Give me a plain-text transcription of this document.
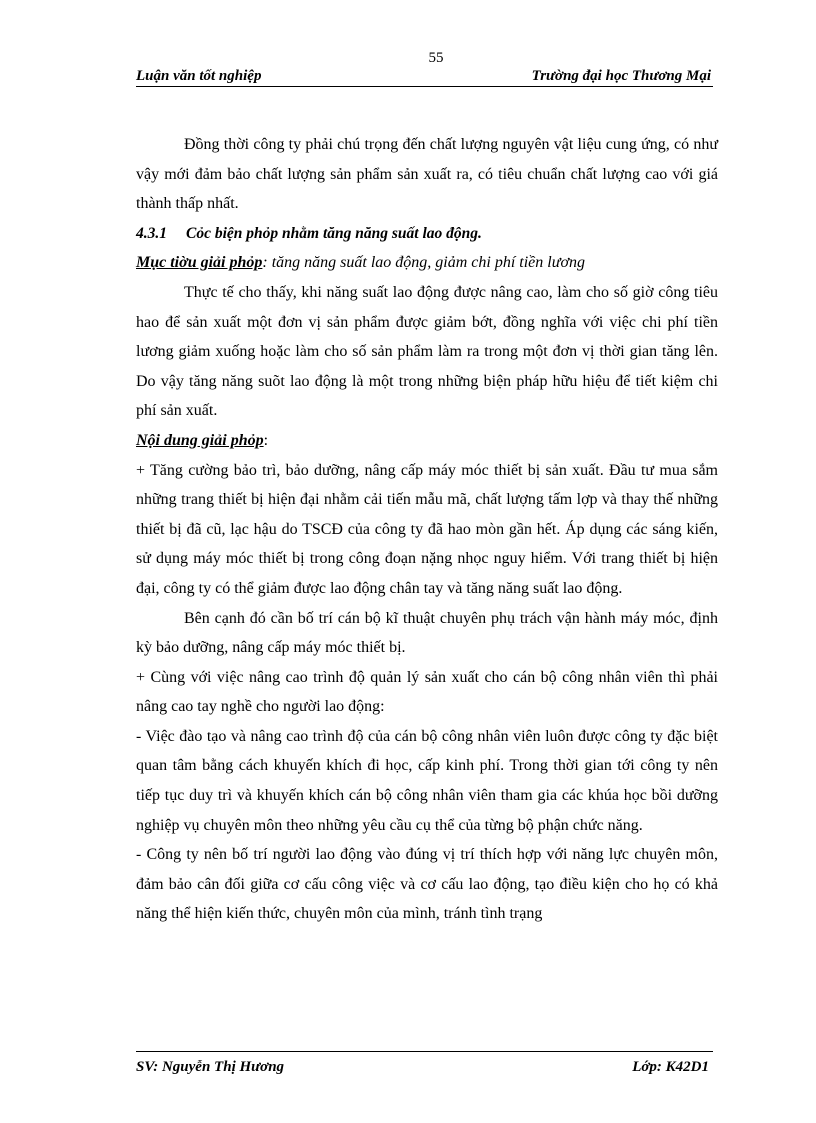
55
Luận văn tốt nghiệp	Trường đại học Thương Mại

Đồng thời công ty phải chú trọng đến chất lượng nguyên vật liệu cung ứng, có như vậy mới đảm bảo chất lượng sản phẩm sản xuất ra, có tiêu chuẩn chất lượng cao với giá thành thấp nhất.

4.3.1 Cỏc biện phỏp nhằm tăng năng suất lao động.

Mục tiờu giải phỏp: tăng năng suất lao động, giảm chi phí tiền lương

Thực tế cho thấy, khi năng suất lao động được nâng cao, làm cho số giờ công tiêu hao để sản xuất một đơn vị sản phẩm được giảm bớt, đồng nghĩa với việc chi phí tiền lương giảm xuống hoặc làm cho số sản phẩm làm ra trong một đơn vị thời gian tăng lên. Do vậy tăng năng suõt lao động là một trong những biện pháp hữu hiệu để tiết kiệm chi phí sản xuất.

Nội dung giải phỏp:

+ Tăng cường bảo trì, bảo dưỡng, nâng cấp máy móc thiết bị sản xuất. Đầu tư mua sắm những trang thiết bị hiện đại nhằm cải tiến mẫu mã, chất lượng tấm lợp và thay thế những thiết bị đã cũ, lạc hậu do TSCĐ của công ty đã hao mòn gần hết. Áp dụng các sáng kiến, sử dụng máy móc thiết bị trong công đoạn nặng nhọc nguy hiểm. Với trang thiết bị hiện đại, công ty có thể giảm được lao động chân tay và tăng năng suất lao động.

Bên cạnh đó cần bố trí cán bộ kĩ thuật chuyên phụ trách vận hành máy móc, định kỳ bảo dưỡng, nâng cấp máy móc thiết bị.

+ Cùng với việc nâng cao trình độ quản lý sản xuất cho cán bộ công nhân viên thì phải nâng cao tay nghề cho người lao động:

- Việc đào tạo và nâng cao trình độ của cán bộ công nhân viên luôn được công ty đặc biệt quan tâm bằng cách khuyến khích đi học, cấp kinh phí. Trong thời gian tới công ty nên tiếp tục duy trì và khuyến khích cán bộ công nhân viên tham gia các khúa học bồi dưỡng nghiệp vụ chuyên môn theo những yêu cầu cụ thể của từng bộ phận chức năng.

- Công ty nên bố trí người lao động vào đúng vị trí thích hợp với năng lực chuyên môn, đảm bảo cân đối giữa cơ cấu công việc và cơ cấu lao động, tạo điều kiện cho họ có khả năng thể hiện kiến thức, chuyên môn của mình, tránh tình trạng

SV: Nguyễn Thị Hương	Lớp: K42D1
